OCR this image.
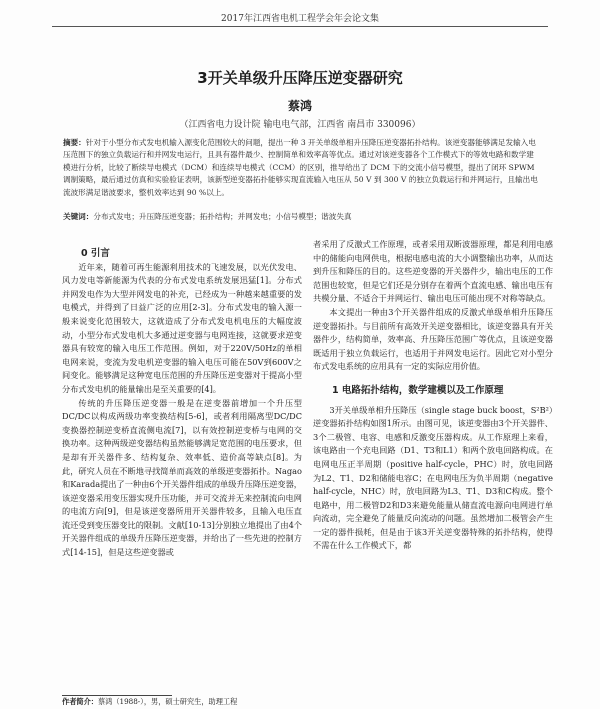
2017年江西省电机工程学会年会论文集
3开关单级升压降压逆变器研究
蔡鸿
（江西省电力设计院 输电电气部，江西省 南昌市 330096）
摘要：针对于小型分布式发电机输入源变化范围较大的问题，提出一种 3 开关单级单相升压降压逆变器拓扑结构。该逆变器能够满足发输入电压范围下的独立负载运行和并网发电运行，且具有器件最少、控制简单和效率高等优点。通过对该逆变器各个工作模式下的等效电路和数学建模进行分析，比较了断续导电模式（DCM）和连续导电模式（CCM）的区别，推导给出了 DCM 下的交流小信号模型，提出了闭环 SPWM 调制策略，最后通过仿真和实验验证表明，该新型逆变器拓扑能够实现直流输入电压从 50 V 到 300 V 的独立负载运行和并网运行，且输出电流波形满足谐波要求，整机效率达到 90 %以上。
关键词：分布式发电；升压降压逆变器；拓扑结构；并网发电；小信号模型；谐波失真

0 引言

近年来，随着可再生能源利用技术的飞速发展，以光伏发电、风力发电等新能源为代表的分布式发电系统发展迅猛[1]。分布式并网发电作为大型并网发电的补充，已经成为一种越来越重要的发电模式，并得到了日益广泛的应用[2-3]。分布式发电的输入源一般来说变化范围较大，这就造成了分布式发电机电压的大幅度波动，小型分布式发电机大多通过逆变器与电网连接，这就要求逆变器具有较宽的输入电压工作范围。例如，对于220V/50Hz的单相电网来说，变流为发电机逆变器的输入电压可能在50V到600V之间变化。能够满足这种宽电压范围的升压降压逆变器对于提高小型分布式发电机的能量输出是至关重要的[4]。

传统的升压降压逆变器一般是在逆变器前增加一个升压型DC/DC以构成两级功率变换结构[5-6]，或者利用隔离型DC/DC变换器控制逆变桥直流侧电流[7]，以有效控制逆变桥与电网的交换功率。这种两级逆变器结构虽然能够满足宽范围的电压要求，但是却有开关器件多、结构复杂、效率低、造价高等缺点[8]。为此，研究人员在不断地寻找简单而高效的单级逆变器拓扑。Nagao和Karada提出了一种由6个开关器件组成的单级升压降压逆变器，该逆变器采用变压器实现升压功能，并可交流并无来控制流向电网的电流方向[9]，但是该逆变器所用开关器件较多，且输入电压直流还受到变压器变比的限制。文献[10-13]分别独立地提出了由4个开关器件组成的单级升压降压逆变器，并给出了一些先进的控制方式[14-15]，但是这些逆变器或

者采用了反激式工作原理，或者采用双断波器原理，都是利用电感中的储能向电网供电，根据电感电流的大小调整输出功率，从而达到升压和降压的目的。这些逆变器的开关器件少，输出电压的工作范围也较宽，但是它们还是分别存在着两个直流电感、输出电压有共模分量、不适合于并网运行、输出电压可能出现不对称等缺点。

本文提出一种由3个开关器件组成的反激式单级单相升压降压逆变器拓扑。与目前所有高效开关逆变器相比，该逆变器具有开关器件少，结构简单，效率高、升压降压范围广等优点，且该逆变器既适用于独立负载运行，也适用于并网发电运行。因此它对小型分布式发电系统的应用具有一定的实际应用价值。

1 电路拓扑结构，数学建模以及工作原理

3开关单级单相升压降压（single stage buck boost，S²B²）逆变器拓扑结构如图1所示。由图可见，该逆变器由3个开关器件、3个二极管、电容、电感和反激变压器构成。从工作原理上来看，该电路由一个充电回路（D1、T3和L1）和两个放电回路构成。在电网电压正半周期（positive half-cycle，PHC）时，放电回路为L2、T1、D2和储能电容C；在电网电压为负半周期（negative half-cycle，NHC）时，放电回路为L3、T1、D3和C构成。整个电路中，用二极管D2和D3来避免能量从储直流电源向电网进行单向流动，完全避免了能量反向流动的问题。虽然增加二极管会产生一定的器件损耗，但是由于该3开关逆变器特殊的拓扑结构，使得不需在什么工作模式下，都

作者简介：蔡鸿（1988-），男，硕士研究生，助理工程
